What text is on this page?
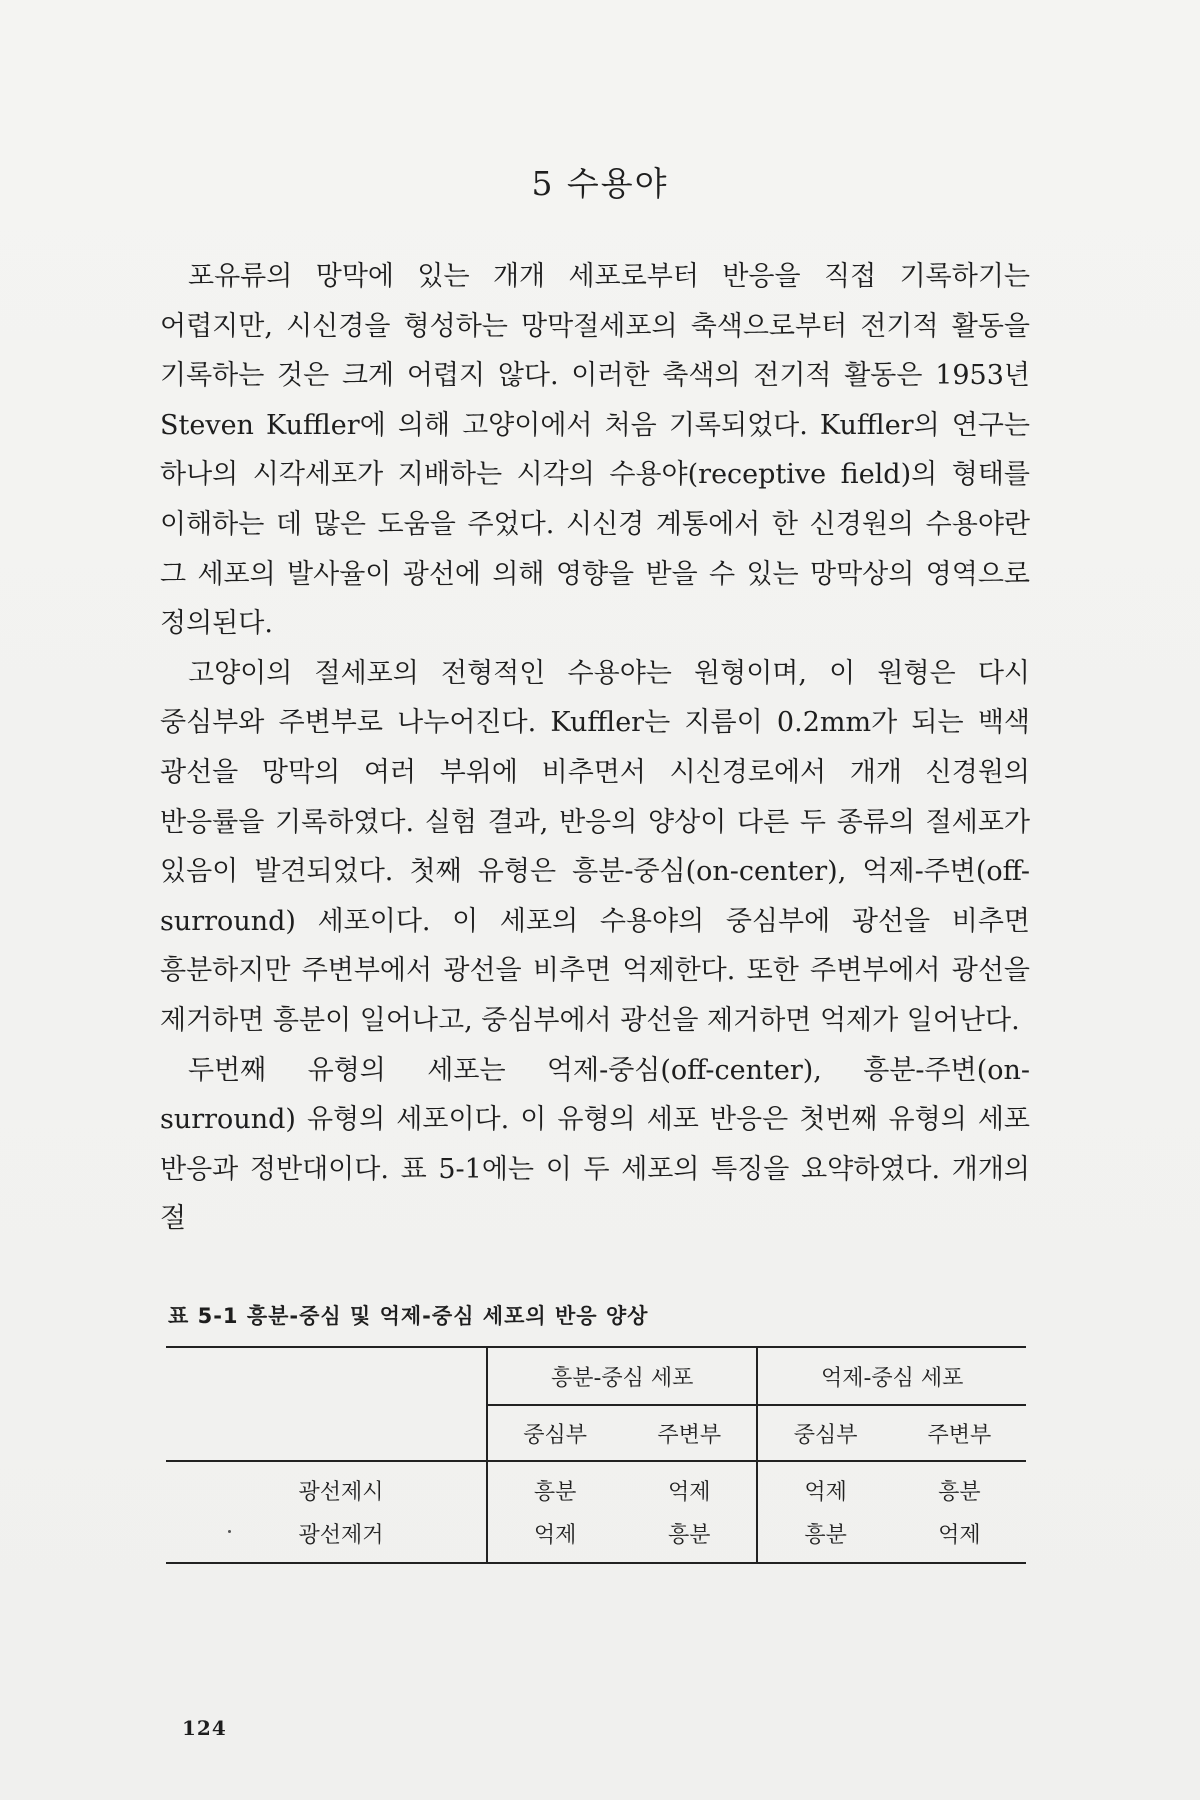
5 수용야

포유류의 망막에 있는 개개 세포로부터 반응을 직접 기록하기는 어렵지만, 시신경을 형성하는 망막절세포의 축색으로부터 전기적 활동을 기록하는 것은 크게 어렵지 않다. 이러한 축색의 전기적 활동은 1953년 Steven Kuffler에 의해 고양이에서 처음 기록되었다. Kuffler의 연구는 하나의 시각세포가 지배하는 시각의 수용야(receptive field)의 형태를 이해하는 데 많은 도움을 주었다. 시신경 계통에서 한 신경원의 수용야란 그 세포의 발사율이 광선에 의해 영향을 받을 수 있는 망막상의 영역으로 정의된다.

고양이의 절세포의 전형적인 수용야는 원형이며, 이 원형은 다시 중심부와 주변부로 나누어진다. Kuffler는 지름이 0.2mm가 되는 백색 광선을 망막의 여러 부위에 비추면서 시신경로에서 개개 신경원의 반응률을 기록하였다. 실험 결과, 반응의 양상이 다른 두 종류의 절세포가 있음이 발견되었다. 첫째 유형은 흥분-중심(on-center), 억제-주변(off-surround) 세포이다. 이 세포의 수용야의 중심부에 광선을 비추면 흥분하지만 주변부에서 광선을 비추면 억제한다. 또한 주변부에서 광선을 제거하면 흥분이 일어나고, 중심부에서 광선을 제거하면 억제가 일어난다.

두번째 유형의 세포는 억제-중심(off-center), 흥분-주변(on-surround) 유형의 세포이다. 이 유형의 세포 반응은 첫번째 유형의 세포 반응과 정반대이다. 표 5-1에는 이 두 세포의 특징을 요약하였다. 개개의 절

표 5-1 흥분-중심 및 억제-중심 세포의 반응 양상

	흥분-중심 세포		억제-중심 세포	
	중심부	주변부	중심부	주변부
광선제시	흥분	억제	억제	흥분
광선제거	억제	흥분	흥분	억제

124
